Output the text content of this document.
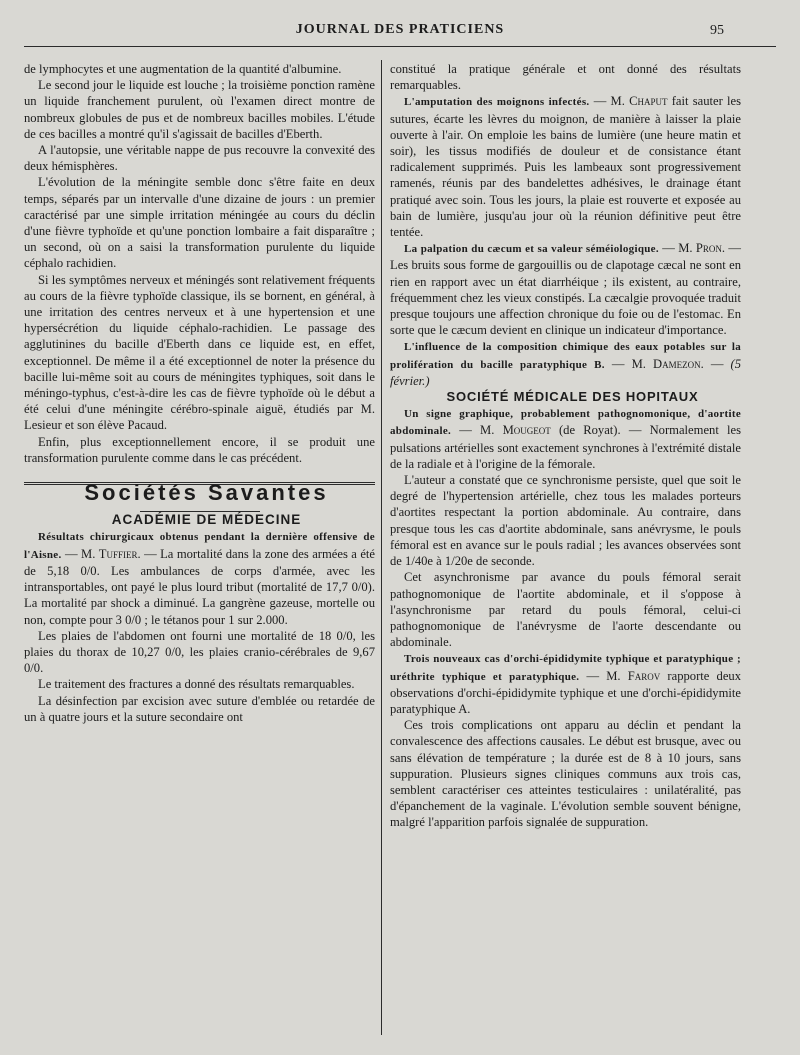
JOURNAL DES PRATICIENS	95

de lymphocytes et une augmentation de la quantité d'albumine.

Le second jour le liquide est louche ; la troisième ponction ramène un liquide franchement purulent, où l'examen direct montre de nombreux globules de pus et de nombreux bacilles mobiles. L'étude de ces bacilles a montré qu'il s'agissait de bacilles d'Eberth.

A l'autopsie, une véritable nappe de pus recouvre la convexité des deux hémisphères.

L'évolution de la méningite semble donc s'être faite en deux temps, séparés par un intervalle d'une dizaine de jours : un premier caractérisé par une simple irritation méningée au cours du déclin d'une fièvre typhoïde et qu'une ponction lombaire a fait disparaître ; un second, où on a saisi la transformation purulente du liquide céphalo rachidien.

Si les symptômes nerveux et méningés sont relativement fréquents au cours de la fièvre typhoïde classique, ils se bornent, en général, à une irritation des centres nerveux et à une hypertension et une hypersécrétion du liquide céphalo-rachidien. Le passage des agglutinines du bacille d'Eberth dans ce liquide est, en effet, exceptionnel. De même il a été exceptionnel de noter la présence du bacille lui-même soit au cours de méningites typhiques, soit dans le méningo-typhus, c'est-à-dire les cas de fièvre typhoïde où le début a été celui d'une méningite cérébro-spinale aiguë, étudiés par M. Lesieur et son élève Pacaud.

Enfin, plus exceptionnellement encore, il se produit une transformation purulente comme dans le cas précédent.

Sociétés Savantes

ACADÉMIE DE MÉDECINE

Résultats chirurgicaux obtenus pendant la dernière offensive de l'Aisne. — M. Tuffier. — La mortalité dans la zone des armées a été de 5,18 0/0. Les ambulances de corps d'armée, avec les intransportables, ont payé le plus lourd tribut (mortalité de 17,7 0/0). La mortalité par shock a diminué. La gangrène gazeuse, mortelle ou non, compte pour 3 0/0 ; le tétanos pour 1 sur 2.000.

Les plaies de l'abdomen ont fourni une mortalité de 18 0/0, les plaies du thorax de 10,27 0/0, les plaies cranio-cérébrales de 9,67 0/0.

Le traitement des fractures a donné des résultats remarquables.

La désinfection par excision avec suture d'emblée ou retardée de un à quatre jours et la suture secondaire ont

constitué la pratique générale et ont donné des résultats remarquables.

L'amputation des moignons infectés. — M. Chaput fait sauter les sutures, écarte les lèvres du moignon, de manière à laisser la plaie ouverte à l'air. On emploie les bains de lumière (une heure matin et soir), les tissus modifiés de douleur et de consistance étant radicalement supprimés. Puis les lambeaux sont progressivement ramenés, réunis par des bandelettes adhésives, le drainage étant pratiqué avec soin. Tous les jours, la plaie est rouverte et exposée au bain de lumière, jusqu'au jour où la réunion définitive peut être tentée.

La palpation du cæcum et sa valeur séméiologique. — M. Pron. — Les bruits sous forme de gargouillis ou de clapotage cæcal ne sont en rien en rapport avec un état diarrhéique ; ils existent, au contraire, fréquemment chez les vieux constipés. La cæcalgie provoquée traduit presque toujours une affection chronique du foie ou de l'estomac. En sorte que le cæcum devient en clinique un indicateur d'importance.

L'influence de la composition chimique des eaux potables sur la prolifération du bacille paratyphique B. — M. Damezon. — (5 février.)

SOCIÉTÉ MÉDICALE DES HOPITAUX

Un signe graphique, probablement pathognomonique, d'aortite abdominale. — M. Mougeot (de Royat). — Normalement les pulsations artérielles sont exactement synchrones à l'extrémité distale de la radiale et à l'origine de la fémorale.

L'auteur a constaté que ce synchronisme persiste, quel que soit le degré de l'hypertension artérielle, chez tous les malades porteurs d'aortites respectant la portion abdominale. Au contraire, dans presque tous les cas d'aortite abdominale, sans anévrysme, le pouls fémoral est en avance sur le pouls radial ; les avances observées sont de 1/40e à 1/20e de seconde.

Cet asynchronisme par avance du pouls fémoral serait pathognomonique de l'aortite abdominale, et il s'oppose à l'asynchronisme par retard du pouls fémoral, celui-ci pathognomonique de l'anévrysme de l'aorte descendante ou abdominale.

Trois nouveaux cas d'orchi-épididymite typhique et paratyphique ; uréthrite typhique et paratyphique. — M. Farov rapporte deux observations d'orchi-épididymite typhique et une d'orchi-épididymite paratyphique A.

Ces trois complications ont apparu au déclin et pendant la convalescence des affections causales. Le début est brusque, avec ou sans élévation de température ; la durée est de 8 à 10 jours, sans suppuration. Plusieurs signes cliniques communs aux trois cas, semblent caractériser ces atteintes testiculaires : unilatéralité, pas d'épanchement de la vaginale. L'évolution semble souvent bénigne, malgré l'apparition parfois signalée de suppuration.
